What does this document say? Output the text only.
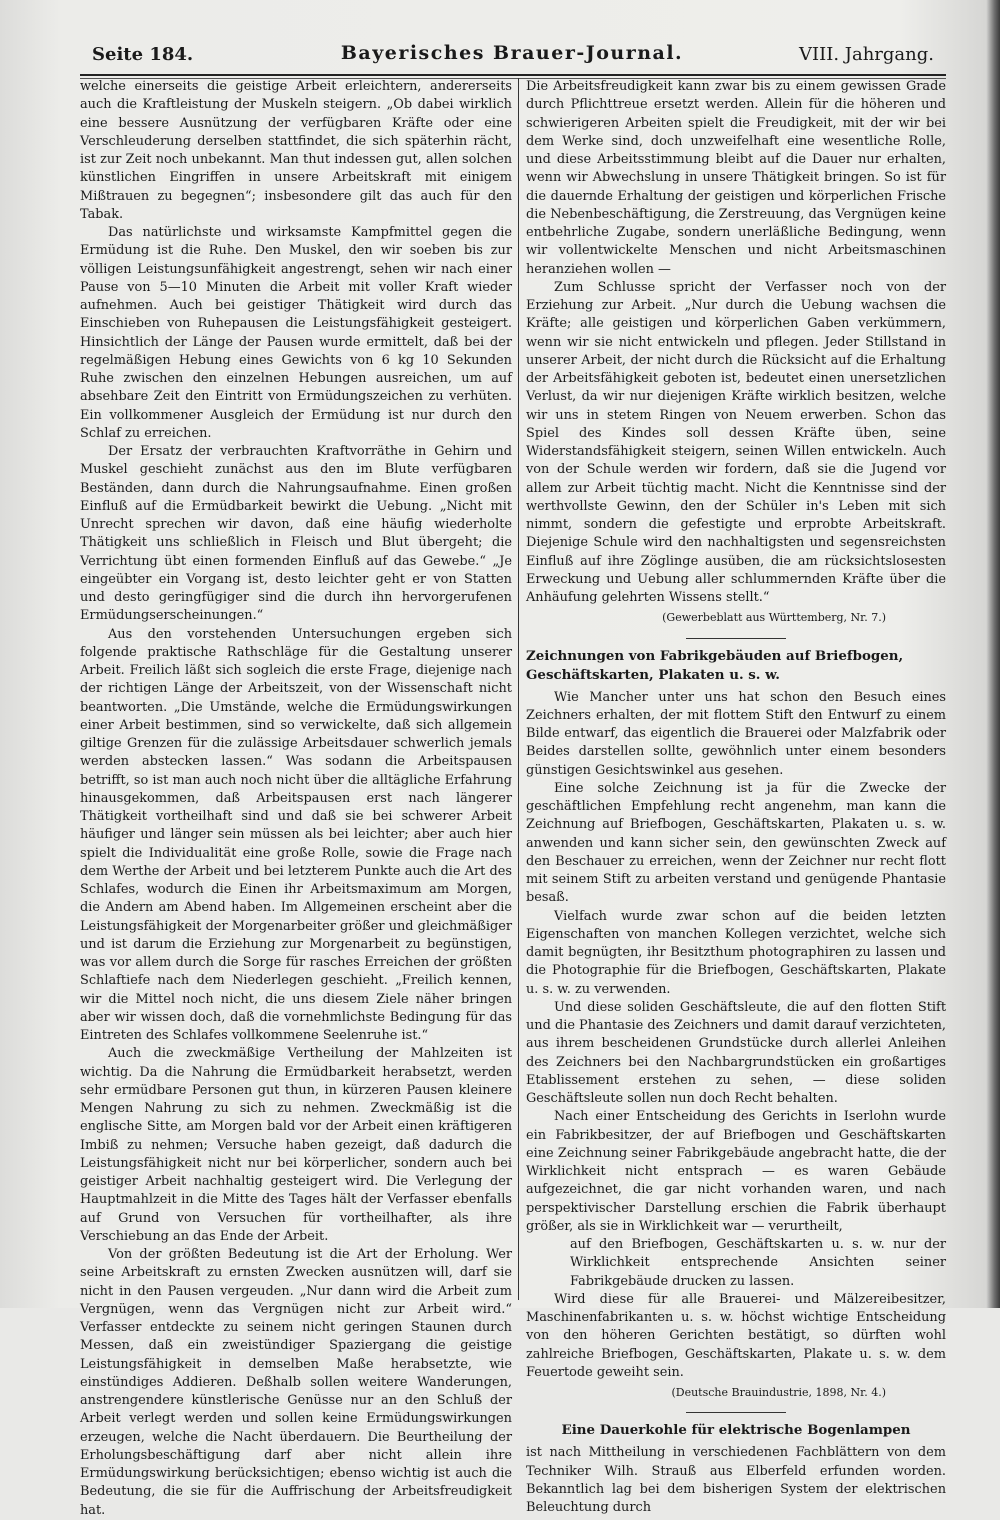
Seite 184.	Bayerisches Brauer-Journal.	VIII. Jahrgang.

welche einerseits die geistige Arbeit erleichtern, andererseits auch die Kraftleistung der Muskeln steigern. „Ob dabei wirklich eine bessere Ausnützung der verfügbaren Kräfte oder eine Verschleuderung derselben stattfindet, die sich späterhin rächt, ist zur Zeit noch unbekannt. Man thut indessen gut, allen solchen künstlichen Eingriffen in unsere Arbeitskraft mit einigem Mißtrauen zu begegnen“; insbesondere gilt das auch für den Tabak.

Das natürlichste und wirksamste Kampfmittel gegen die Ermüdung ist die Ruhe. Den Muskel, den wir soeben bis zur völligen Leistungsunfähigkeit angestrengt, sehen wir nach einer Pause von 5—10 Minuten die Arbeit mit voller Kraft wieder aufnehmen. Auch bei geistiger Thätigkeit wird durch das Einschieben von Ruhepausen die Leistungsfähigkeit gesteigert. Hinsichtlich der Länge der Pausen wurde ermittelt, daß bei der regelmäßigen Hebung eines Gewichts von 6 kg 10 Sekunden Ruhe zwischen den einzelnen Hebungen ausreichen, um auf absehbare Zeit den Eintritt von Ermüdungszeichen zu verhüten. Ein vollkommener Ausgleich der Ermüdung ist nur durch den Schlaf zu erreichen.

Der Ersatz der verbrauchten Kraftvorräthe in Gehirn und Muskel geschieht zunächst aus den im Blute verfügbaren Beständen, dann durch die Nahrungsaufnahme. Einen großen Einfluß auf die Ermüdbarkeit bewirkt die Uebung. „Nicht mit Unrecht sprechen wir davon, daß eine häufig wiederholte Thätigkeit uns schließlich in Fleisch und Blut übergeht; die Verrichtung übt einen formenden Einfluß auf das Gewebe.“ „Je eingeübter ein Vorgang ist, desto leichter geht er von Statten und desto geringfügiger sind die durch ihn hervorgerufenen Ermüdungserscheinungen.“

Aus den vorstehenden Untersuchungen ergeben sich folgende praktische Rathschläge für die Gestaltung unserer Arbeit. Freilich läßt sich sogleich die erste Frage, diejenige nach der richtigen Länge der Arbeitszeit, von der Wissenschaft nicht beantworten. „Die Umstände, welche die Ermüdungswirkungen einer Arbeit bestimmen, sind so verwickelte, daß sich allgemein giltige Grenzen für die zulässige Arbeitsdauer schwerlich jemals werden abstecken lassen.“ Was sodann die Arbeitspausen betrifft, so ist man auch noch nicht über die alltägliche Erfahrung hinausgekommen, daß Arbeitspausen erst nach längerer Thätigkeit vortheilhaft sind und daß sie bei schwerer Arbeit häufiger und länger sein müssen als bei leichter; aber auch hier spielt die Individualität eine große Rolle, sowie die Frage nach dem Werthe der Arbeit und bei letzterem Punkte auch die Art des Schlafes, wodurch die Einen ihr Arbeitsmaximum am Morgen, die Andern am Abend haben. Im Allgemeinen erscheint aber die Leistungsfähigkeit der Morgenarbeiter größer und gleichmäßiger und ist darum die Erziehung zur Morgenarbeit zu begünstigen, was vor allem durch die Sorge für rasches Erreichen der größten Schlaftiefe nach dem Niederlegen geschieht. „Freilich kennen, wir die Mittel noch nicht, die uns diesem Ziele näher bringen aber wir wissen doch, daß die vornehmlichste Bedingung für das Eintreten des Schlafes vollkommene Seelenruhe ist.“

Auch die zweckmäßige Vertheilung der Mahlzeiten ist wichtig. Da die Nahrung die Ermüdbarkeit herabsetzt, werden sehr ermüdbare Personen gut thun, in kürzeren Pausen kleinere Mengen Nahrung zu sich zu nehmen. Zweckmäßig ist die englische Sitte, am Morgen bald vor der Arbeit einen kräftigeren Imbiß zu nehmen; Versuche haben gezeigt, daß dadurch die Leistungsfähigkeit nicht nur bei körperlicher, sondern auch bei geistiger Arbeit nachhaltig gesteigert wird. Die Verlegung der Hauptmahlzeit in die Mitte des Tages hält der Verfasser ebenfalls auf Grund von Versuchen für vortheilhafter, als ihre Verschiebung an das Ende der Arbeit.

Von der größten Bedeutung ist die Art der Erholung. Wer seine Arbeitskraft zu ernsten Zwecken ausnützen will, darf sie nicht in den Pausen vergeuden. „Nur dann wird die Arbeit zum Vergnügen, wenn das Vergnügen nicht zur Arbeit wird.“ Verfasser entdeckte zu seinem nicht geringen Staunen durch Messen, daß ein zweistündiger Spaziergang die geistige Leistungsfähigkeit in demselben Maße herabsetzte, wie einstündiges Addieren. Deßhalb sollen weitere Wanderungen, anstrengendere künstlerische Genüsse nur an den Schluß der Arbeit verlegt werden und sollen keine Ermüdungswirkungen erzeugen, welche die Nacht überdauern. Die Beurtheilung der Erholungsbeschäftigung darf aber nicht allein ihre Ermüdungswirkung berücksichtigen; ebenso wichtig ist auch die Bedeutung, die sie für die Auffrischung der Arbeitsfreudigkeit hat.

Die Arbeitsfreudigkeit kann zwar bis zu einem gewissen Grade durch Pflichttreue ersetzt werden. Allein für die höheren und schwierigeren Arbeiten spielt die Freudigkeit, mit der wir bei dem Werke sind, doch unzweifelhaft eine wesentliche Rolle, und diese Arbeitsstimmung bleibt auf die Dauer nur erhalten, wenn wir Abwechslung in unsere Thätigkeit bringen. So ist für die dauernde Erhaltung der geistigen und körperlichen Frische die Nebenbeschäftigung, die Zerstreuung, das Vergnügen keine entbehrliche Zugabe, sondern unerläßliche Bedingung, wenn wir vollentwickelte Menschen und nicht Arbeitsmaschinen heranziehen wollen —

Zum Schlusse spricht der Verfasser noch von der Erziehung zur Arbeit. „Nur durch die Uebung wachsen die Kräfte; alle geistigen und körperlichen Gaben verkümmern, wenn wir sie nicht entwickeln und pflegen. Jeder Stillstand in unserer Arbeit, der nicht durch die Rücksicht auf die Erhaltung der Arbeitsfähigkeit geboten ist, bedeutet einen unersetzlichen Verlust, da wir nur diejenigen Kräfte wirklich besitzen, welche wir uns in stetem Ringen von Neuem erwerben. Schon das Spiel des Kindes soll dessen Kräfte üben, seine Widerstandsfähigkeit steigern, seinen Willen entwickeln. Auch von der Schule werden wir fordern, daß sie die Jugend vor allem zur Arbeit tüchtig macht. Nicht die Kenntnisse sind der werthvollste Gewinn, den der Schüler in's Leben mit sich nimmt, sondern die gefestigte und erprobte Arbeitskraft. Diejenige Schule wird den nachhaltigsten und segensreichsten Einfluß auf ihre Zöglinge ausüben, die am rücksichtslosesten Erweckung und Uebung aller schlummernden Kräfte über die Anhäufung gelehrten Wissens stellt.“

(Gewerbeblatt aus Württemberg, Nr. 7.)
Zeichnungen von Fabrikgebäuden auf Briefbogen, Geschäftskarten, Plakaten u. s. w.

Wie Mancher unter uns hat schon den Besuch eines Zeichners erhalten, der mit flottem Stift den Entwurf zu einem Bilde entwarf, das eigentlich die Brauerei oder Malzfabrik oder Beides darstellen sollte, gewöhnlich unter einem besonders günstigen Gesichtswinkel aus gesehen.

Eine solche Zeichnung ist ja für die Zwecke der geschäftlichen Empfehlung recht angenehm, man kann die Zeichnung auf Briefbogen, Geschäftskarten, Plakaten u. s. w. anwenden und kann sicher sein, den gewünschten Zweck auf den Beschauer zu erreichen, wenn der Zeichner nur recht flott mit seinem Stift zu arbeiten verstand und genügende Phantasie besaß.

Vielfach wurde zwar schon auf die beiden letzten Eigenschaften von manchen Kollegen verzichtet, welche sich damit begnügten, ihr Besitzthum photographiren zu lassen und die Photographie für die Briefbogen, Geschäftskarten, Plakate u. s. w. zu verwenden.

Und diese soliden Geschäftsleute, die auf den flotten Stift und die Phantasie des Zeichners und damit darauf verzichteten, aus ihrem bescheidenen Grundstücke durch allerlei Anleihen des Zeichners bei den Nachbargrundstücken ein großartiges Etablissement erstehen zu sehen, — diese soliden Geschäftsleute sollen nun doch Recht behalten.

Nach einer Entscheidung des Gerichts in Iserlohn wurde ein Fabrikbesitzer, der auf Briefbogen und Geschäftskarten eine Zeichnung seiner Fabrikgebäude angebracht hatte, die der Wirklichkeit nicht entsprach — es waren Gebäude aufgezeichnet, die gar nicht vorhanden waren, und nach perspektivischer Darstellung erschien die Fabrik überhaupt größer, als sie in Wirklichkeit war — verurtheilt,

auf den Briefbogen, Geschäftskarten u. s. w. nur der Wirklichkeit entsprechende Ansichten seiner Fabrikgebäude drucken zu lassen.

Wird diese für alle Brauerei- und Mälzereibesitzer, Maschinenfabrikanten u. s. w. höchst wichtige Entscheidung von den höheren Gerichten bestätigt, so dürften wohl zahlreiche Briefbogen, Geschäftskarten, Plakate u. s. w. dem Feuertode geweiht sein.

(Deutsche Brauindustrie, 1898, Nr. 4.)
Eine Dauerkohle für elektrische Bogenlampen

ist nach Mittheilung in verschiedenen Fachblättern von dem Techniker Wilh. Strauß aus Elberfeld erfunden worden. Bekanntlich lag bei dem bisherigen System der elektrischen Beleuchtung durch
